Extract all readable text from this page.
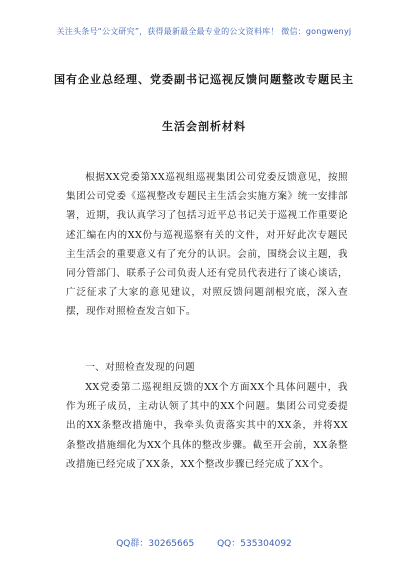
关注头条号“公文研究”，获得最新最全最专业的公文资料库！ 微信：gongwenyj
国有企业总经理、党委副书记巡视反馈问题整改专题民主
生活会剖析材料
根据XX党委第XX巡视组巡视集团公司党委反馈意见，按照集团公司党委《巡视整改专题民主生活会实施方案》统一安排部署，近期，我认真学习了包括习近平总书记关于巡视工作重要论述汇编在内的XX份与巡视巡察有关的文件，对开好此次专题民主生活会的重要意义有了充分的认识。会前，围绕会议主题，我同分管部门、联系子公司负责人还有党员代表进行了谈心谈话，广泛征求了大家的意见建议，对照反馈问题剖根究底，深入查摆，现作对照检查发言如下。
一、对照检查发现的问题
XX党委第二巡视组反馈的XX个方面XX个具体问题中，我作为班子成员，主动认领了其中的XX个问题。集团公司党委提出的XX条整改措施中，我牵头负责落实其中的XX条，并将XX条整改措施细化为XX个具体的整改步骤。截至开会前，XX条整改措施已经完成了XX条，XX个整改步骤已经完成了XX个。
QQ群：30265665	QQ：535304092
